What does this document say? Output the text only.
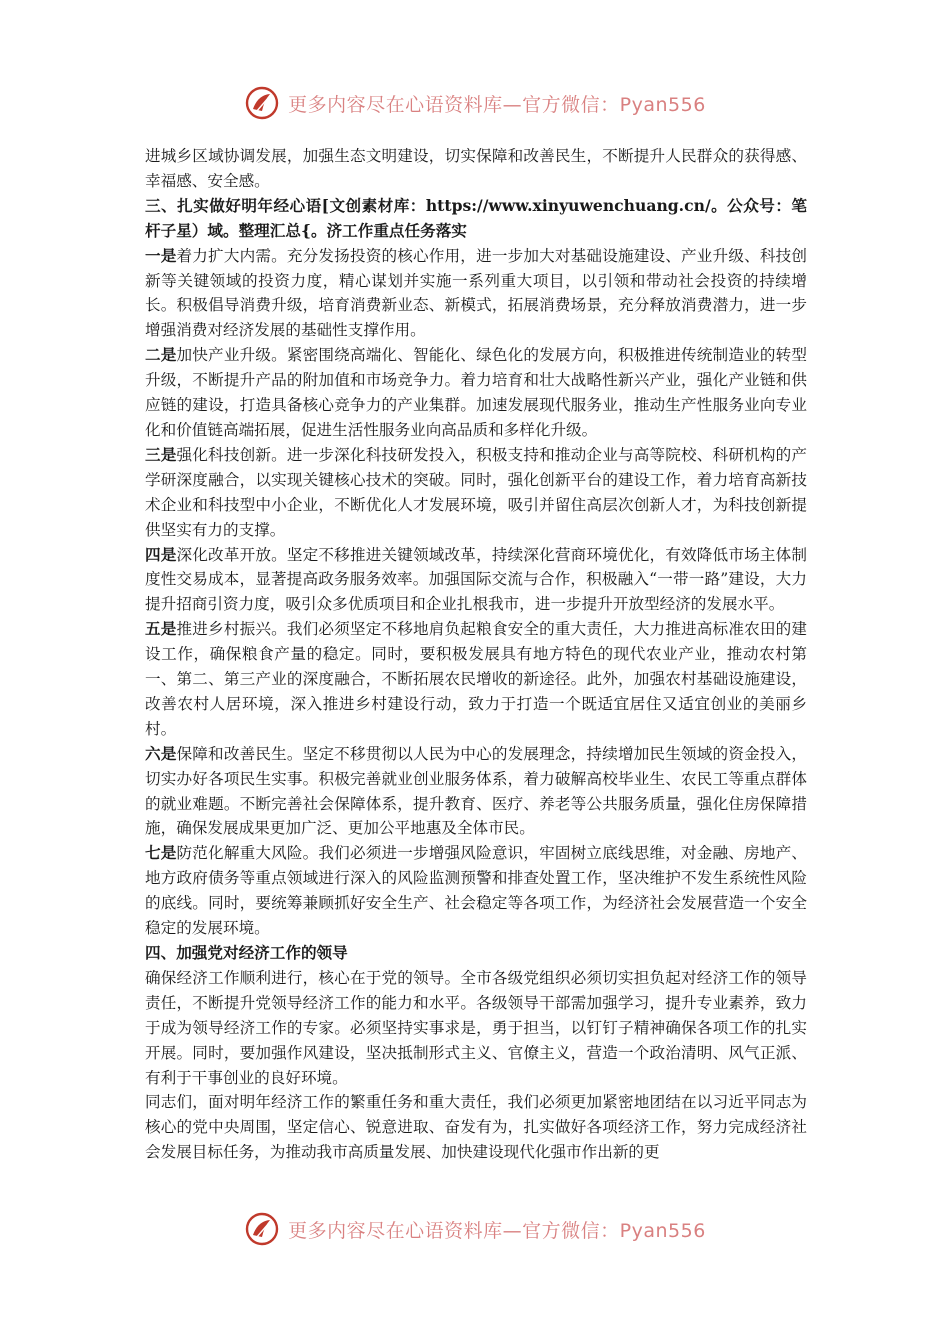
更多内容尽在心语资料库—官方微信：Pyan556

进城乡区域协调发展，加强生态文明建设，切实保障和改善民生，不断提升人民群众的获得感、幸福感、安全感。

三、扎实做好明年经心语[文创素材库：https://www.xinyuwenchuang.cn/。公众号：笔杆子星）域。整理汇总{。济工作重点任务落实

一是着力扩大内需。充分发扬投资的核心作用，进一步加大对基础设施建设、产业升级、科技创新等关键领域的投资力度，精心谋划并实施一系列重大项目，以引领和带动社会投资的持续增长。积极倡导消费升级，培育消费新业态、新模式，拓展消费场景，充分释放消费潜力，进一步增强消费对经济发展的基础性支撑作用。

二是加快产业升级。紧密围绕高端化、智能化、绿色化的发展方向，积极推进传统制造业的转型升级，不断提升产品的附加值和市场竞争力。着力培育和壮大战略性新兴产业，强化产业链和供应链的建设，打造具备核心竞争力的产业集群。加速发展现代服务业，推动生产性服务业向专业化和价值链高端拓展，促进生活性服务业向高品质和多样化升级。

三是强化科技创新。进一步深化科技研发投入，积极支持和推动企业与高等院校、科研机构的产学研深度融合，以实现关键核心技术的突破。同时，强化创新平台的建设工作，着力培育高新技术企业和科技型中小企业，不断优化人才发展环境，吸引并留住高层次创新人才，为科技创新提供坚实有力的支撑。

四是深化改革开放。坚定不移推进关键领域改革，持续深化营商环境优化，有效降低市场主体制度性交易成本，显著提高政务服务效率。加强国际交流与合作，积极融入“一带一路”建设，大力提升招商引资力度，吸引众多优质项目和企业扎根我市，进一步提升开放型经济的发展水平。

五是推进乡村振兴。我们必须坚定不移地肩负起粮食安全的重大责任，大力推进高标准农田的建设工作，确保粮食产量的稳定。同时，要积极发展具有地方特色的现代农业产业，推动农村第一、第二、第三产业的深度融合，不断拓展农民增收的新途径。此外，加强农村基础设施建设，改善农村人居环境，深入推进乡村建设行动，致力于打造一个既适宜居住又适宜创业的美丽乡村。

六是保障和改善民生。坚定不移贯彻以人民为中心的发展理念，持续增加民生领域的资金投入，切实办好各项民生实事。积极完善就业创业服务体系，着力破解高校毕业生、农民工等重点群体的就业难题。不断完善社会保障体系，提升教育、医疗、养老等公共服务质量，强化住房保障措施，确保发展成果更加广泛、更加公平地惠及全体市民。

七是防范化解重大风险。我们必须进一步增强风险意识，牢固树立底线思维，对金融、房地产、地方政府债务等重点领域进行深入的风险监测预警和排查处置工作，坚决维护不发生系统性风险的底线。同时，要统筹兼顾抓好安全生产、社会稳定等各项工作，为经济社会发展营造一个安全稳定的发展环境。

四、加强党对经济工作的领导

确保经济工作顺利进行，核心在于党的领导。全市各级党组织必须切实担负起对经济工作的领导责任，不断提升党领导经济工作的能力和水平。各级领导干部需加强学习，提升专业素养，致力于成为领导经济工作的专家。必须坚持实事求是，勇于担当，以钉钉子精神确保各项工作的扎实开展。同时，要加强作风建设，坚决抵制形式主义、官僚主义，营造一个政治清明、风气正派、有利于干事创业的良好环境。

同志们，面对明年经济工作的繁重任务和重大责任，我们必须更加紧密地团结在以习近平同志为核心的党中央周围，坚定信心、锐意进取、奋发有为，扎实做好各项经济工作，努力完成经济社会发展目标任务，为推动我市高质量发展、加快建设现代化强市作出新的更

更多内容尽在心语资料库—官方微信：Pyan556
